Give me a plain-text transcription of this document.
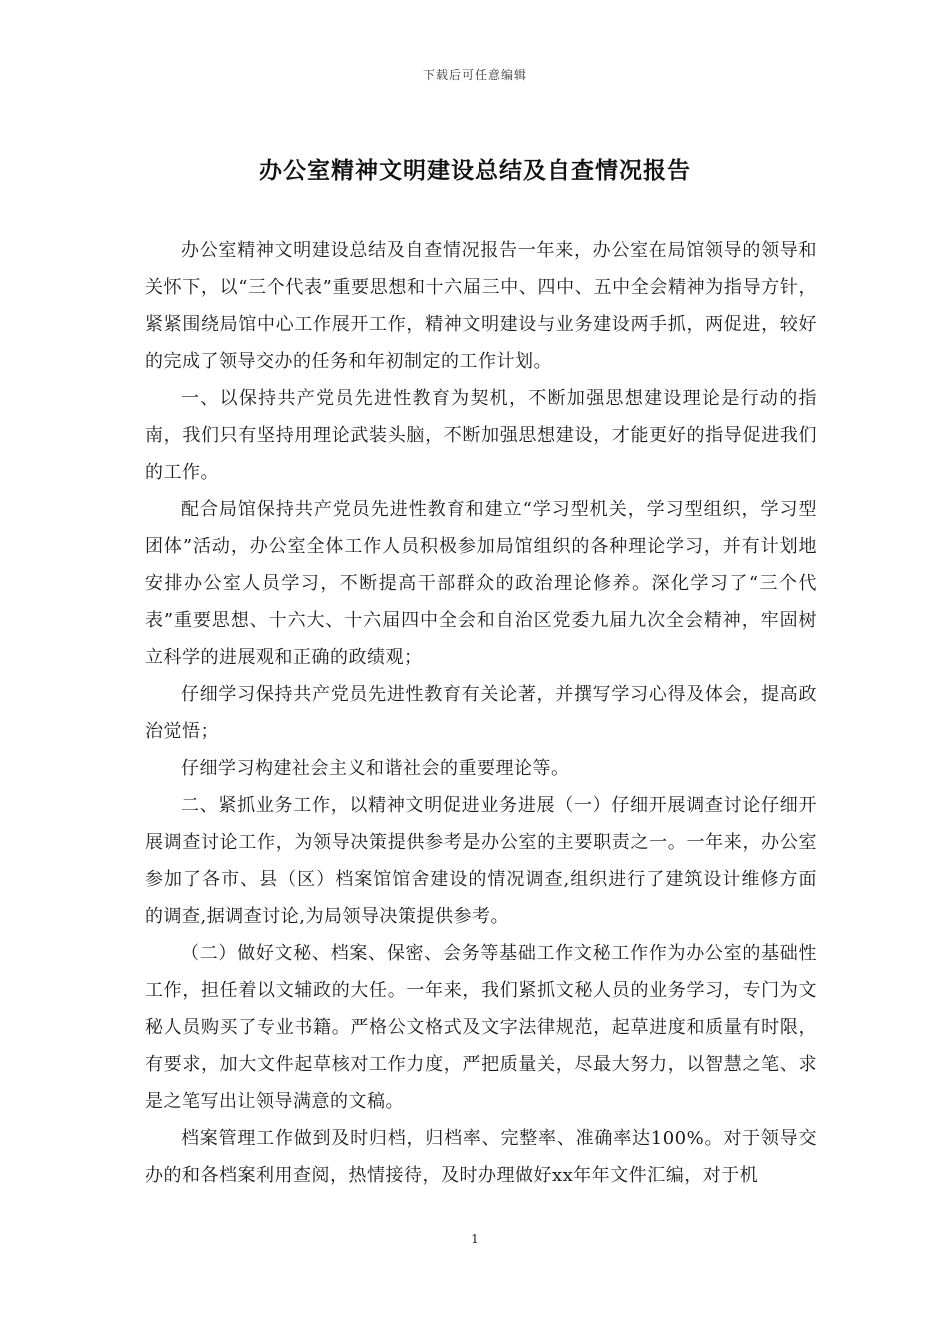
下载后可任意编辑
办公室精神文明建设总结及自查情况报告

办公室精神文明建设总结及自查情况报告一年来，办公室在局馆领导的领导和关怀下，以“三个代表”重要思想和十六届三中、四中、五中全会精神为指导方针，紧紧围绕局馆中心工作展开工作，精神文明建设与业务建设两手抓，两促进，较好的完成了领导交办的任务和年初制定的工作计划。

一、以保持共产党员先进性教育为契机，不断加强思想建设理论是行动的指南，我们只有坚持用理论武装头脑，不断加强思想建设，才能更好的指导促进我们的工作。

配合局馆保持共产党员先进性教育和建立“学习型机关，学习型组织，学习型团体”活动，办公室全体工作人员积极参加局馆组织的各种理论学习，并有计划地安排办公室人员学习，不断提高干部群众的政治理论修养。深化学习了“三个代表”重要思想、十六大、十六届四中全会和自治区党委九届九次全会精神，牢固树立科学的进展观和正确的政绩观；

仔细学习保持共产党员先进性教育有关论著，并撰写学习心得及体会，提高政治觉悟；

仔细学习构建社会主义和谐社会的重要理论等。

二、紧抓业务工作，以精神文明促进业务进展（一）仔细开展调查讨论仔细开展调查讨论工作，为领导决策提供参考是办公室的主要职责之一。一年来，办公室参加了各市、县（区）档案馆馆舍建设的情况调查,组织进行了建筑设计维修方面的调查,据调查讨论,为局领导决策提供参考。

（二）做好文秘、档案、保密、会务等基础工作文秘工作作为办公室的基础性工作，担任着以文辅政的大任。一年来，我们紧抓文秘人员的业务学习，专门为文秘人员购买了专业书籍。严格公文格式及文字法律规范，起草进度和质量有时限，有要求，加大文件起草核对工作力度，严把质量关，尽最大努力，以智慧之笔、求是之笔写出让领导满意的文稿。

档案管理工作做到及时归档，归档率、完整率、准确率达100%。对于领导交办的和各档案利用查阅，热情接待，及时办理做好xx年年文件汇编，对于机

1
